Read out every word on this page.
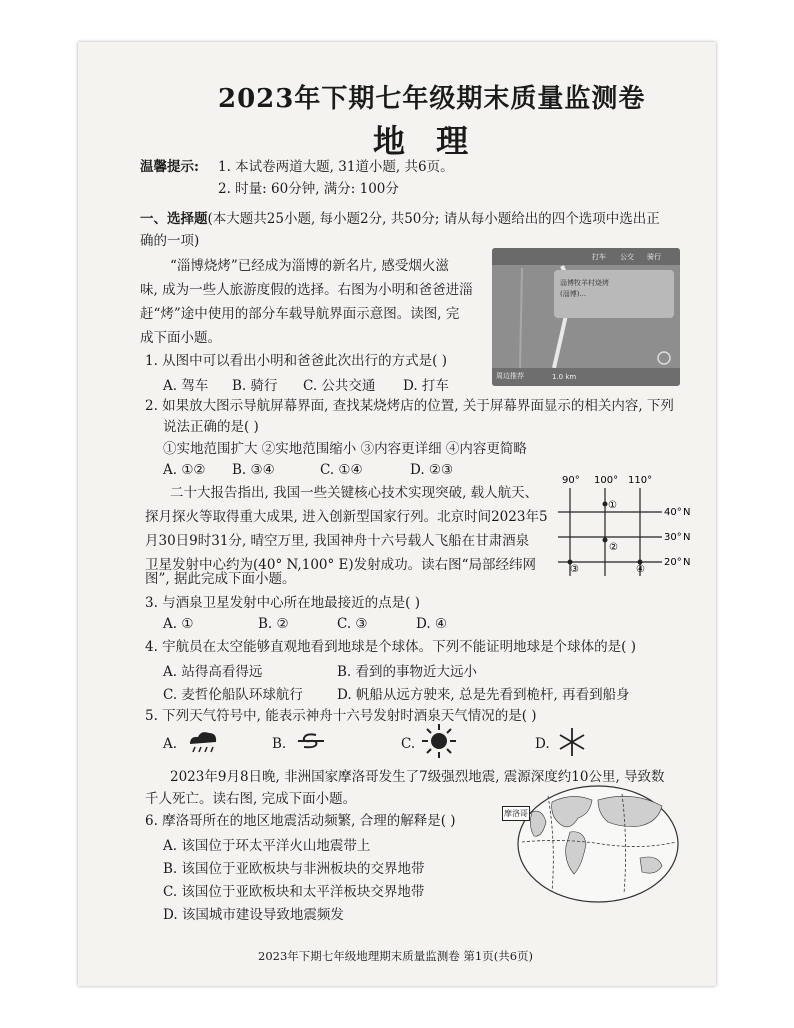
2023年下期七年级期末质量监测卷
地 理
温馨提示: 1. 本试卷两道大题, 31道小题, 共6页。
2. 时量: 60分钟, 满分: 100分
一、选择题(本大题共25小题, 每小题2分, 共50分; 请从每小题给出的四个选项中选出正
确的一项)
“淄博烧烤”已经成为淄博的新名片, 感受烟火滋
味, 成为一些人旅游度假的选择。右图为小明和爸爸进淄
赶“烤”途中使用的部分车载导航界面示意图。读图, 完
成下面小题。
打车 公交 骑行
淄博牧羊村烧烤
(淄博)...
周边推荐	1.0 km
1. 从图中可以看出小明和爸爸此次出行的方式是( )
A. 驾车 B. 骑行 C. 公共交通 D. 打车
2. 如果放大图示导航屏幕界面, 查找某烧烤店的位置, 关于屏幕界面显示的相关内容, 下列
说法正确的是( )
①实地范围扩大 ②实地范围缩小 ③内容更详细 ④内容更简略
A. ①② B. ③④	C. ①④	D. ②③
二十大报告指出, 我国一些关键核心技术实现突破, 载人航天、
探月探火等取得重大成果, 进入创新型国家行列。北京时间2023年5
月30日9时31分, 晴空万里, 我国神舟十六号载人飞船在甘肃酒泉
卫星发射中心约为(40° N,100° E)发射成功。读右图“局部经纬网
图”, 据此完成下面小题。
90° 100° 110°
40°
30°
20°
N
N
N
①
②
③	④
3. 与酒泉卫星发射中心所在地最接近的点是( )
A. ①	B. ②	C. ③	D. ④
4. 宇航员在太空能够直观地看到地球是个球体。下列不能证明地球是个球体的是( )
A. 站得高看得远	B. 看到的事物近大远小
C. 麦哲伦船队环球航行	D. 帆船从远方驶来, 总是先看到桅杆, 再看到船身
5. 下列天气符号中, 能表示神舟十六号发射时酒泉天气情况的是( )
A.	B.	C.	D.
2023年9月8日晚, 非洲国家摩洛哥发生了7级强烈地震, 震源深度约10公里, 导致数
千人死亡。读右图, 完成下面小题。
摩洛哥
6. 摩洛哥所在的地区地震活动频繁, 合理的解释是( )
A. 该国位于环太平洋火山地震带上
B. 该国位于亚欧板块与非洲板块的交界地带
C. 该国位于亚欧板块和太平洋板块交界地带
D. 该国城市建设导致地震频发
2023年下期七年级地理期末质量监测卷 第1页(共6页)
